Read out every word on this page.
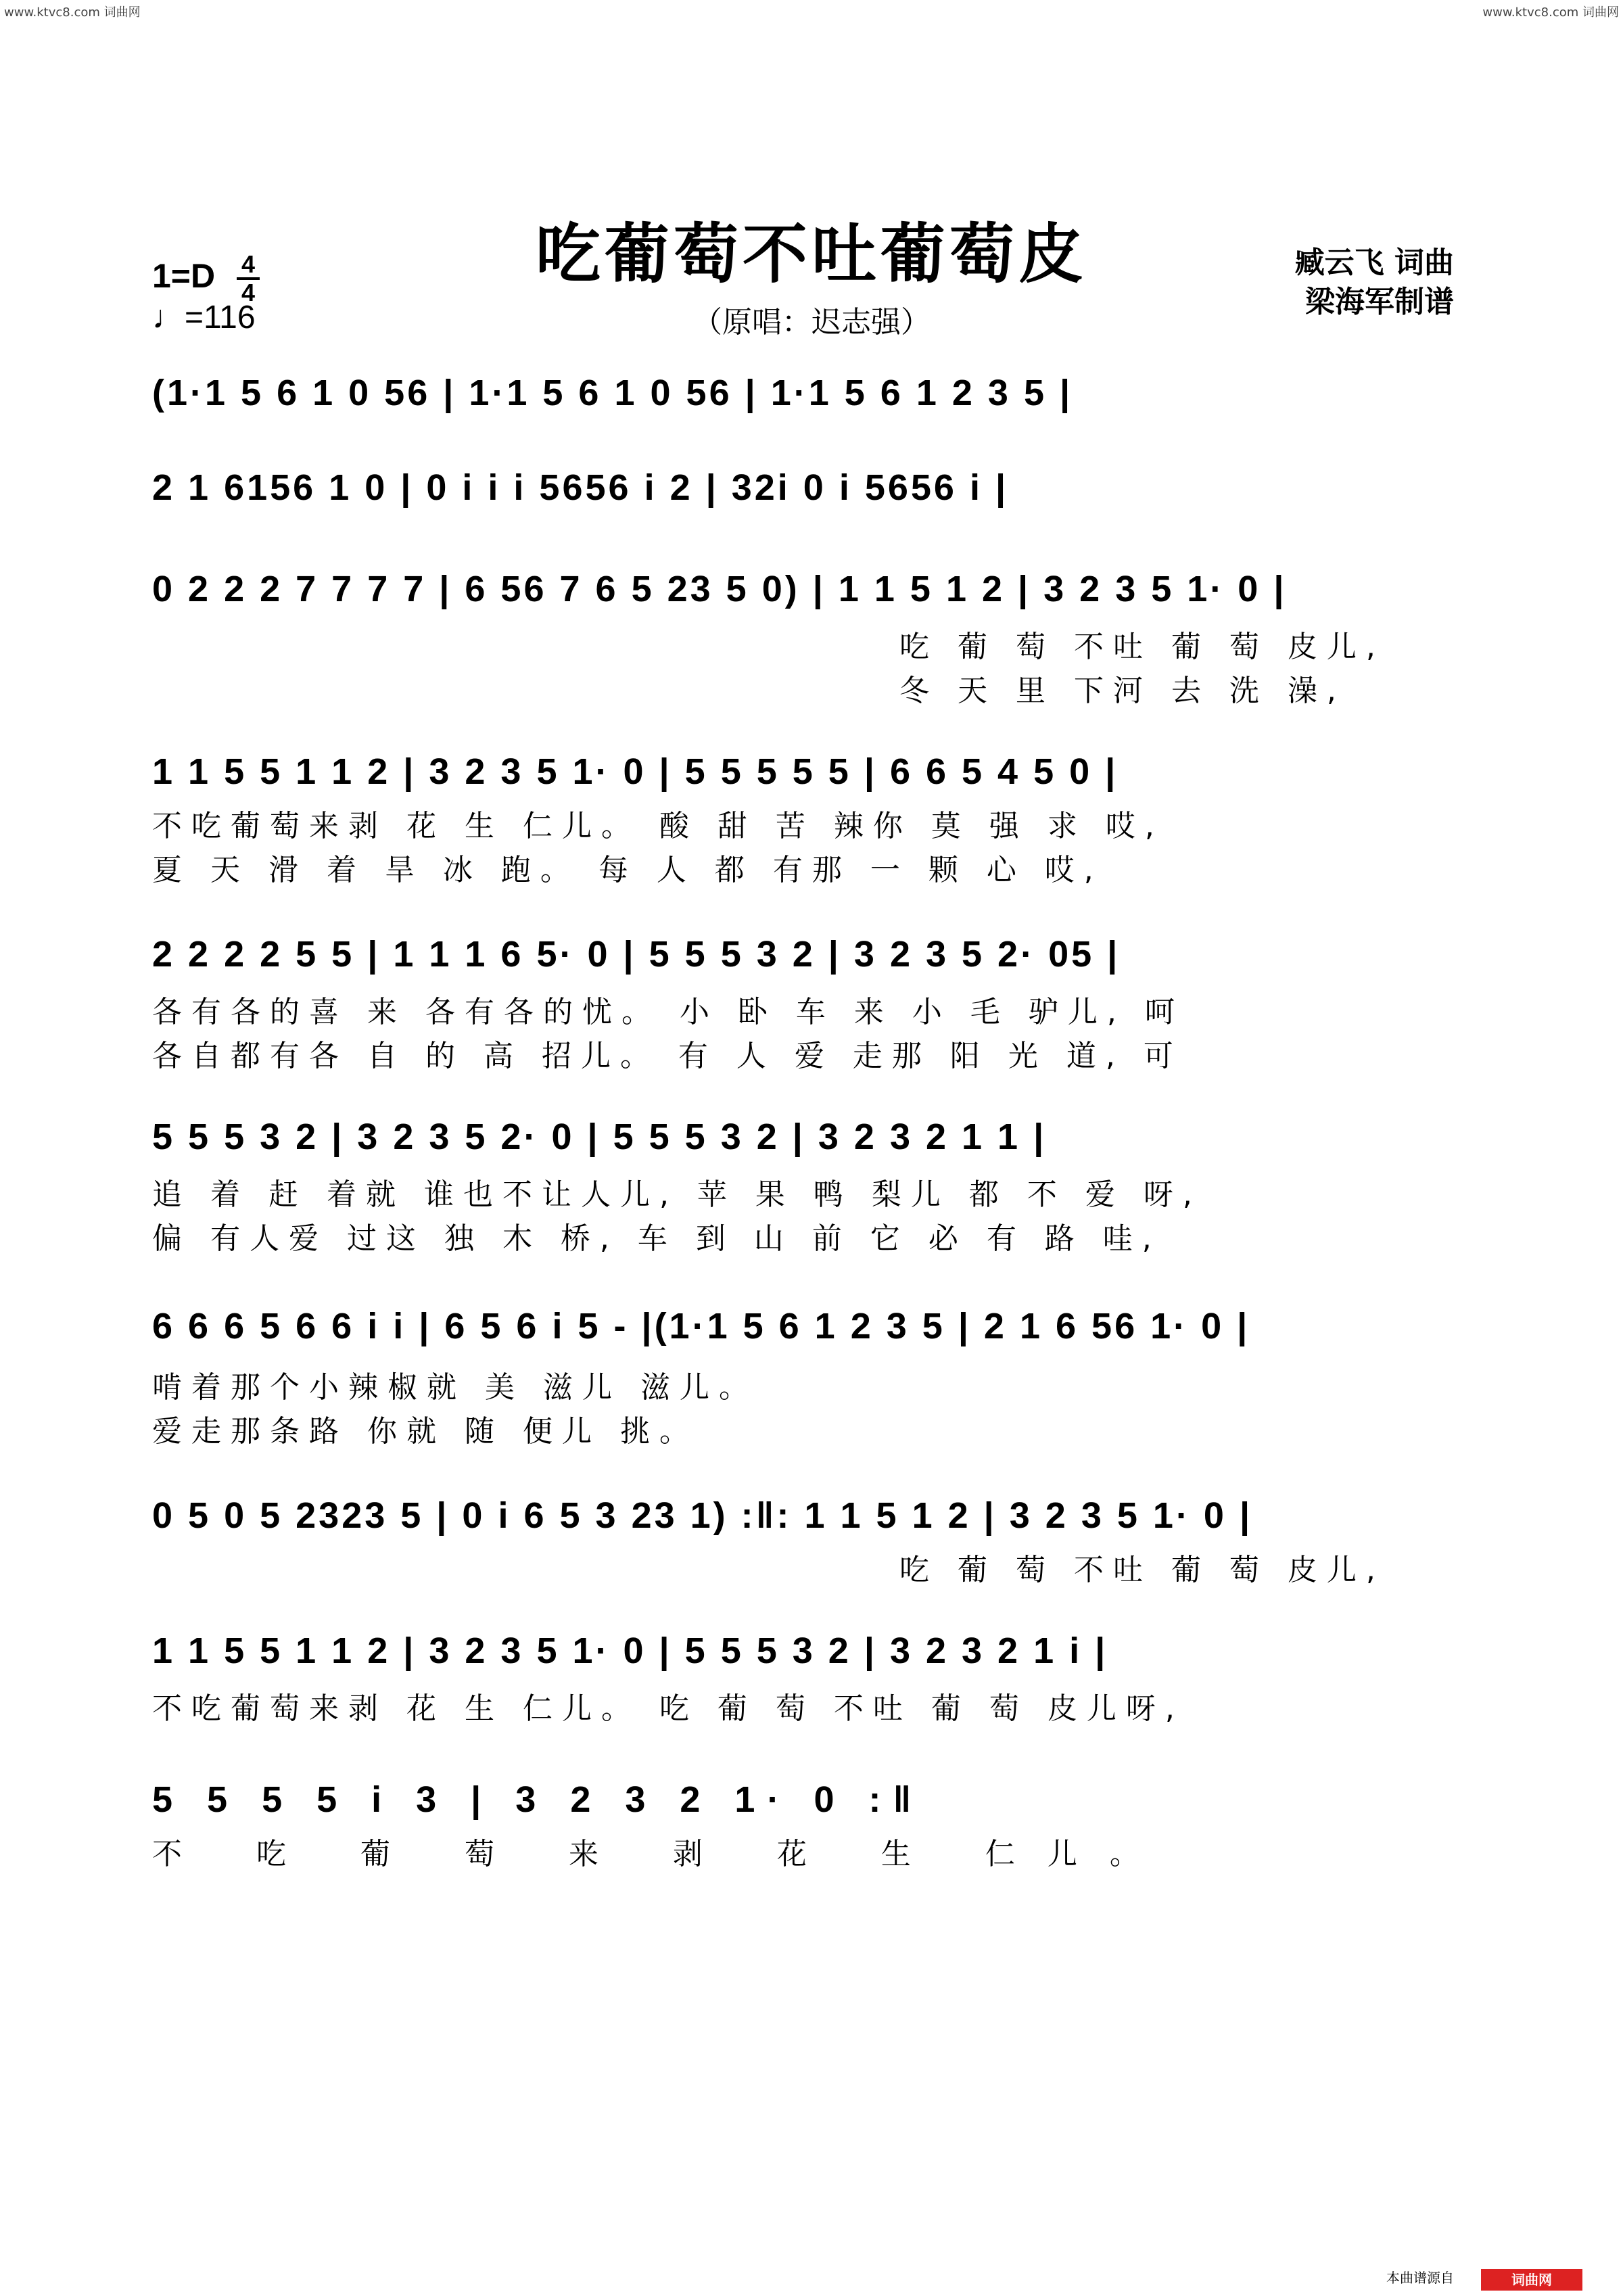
www.ktvc8.com 词曲网	www.ktvc8.com 词曲网
吃葡萄不吐葡萄皮
（原唱：迟志强）
$1=D \frac{4}{4}$
♩=116
臧云飞 词曲
梁海军制谱
(1·1 5 6 1 0 56 | 1·1 5 6 1 0 56 | 1·1 5 6 1 2 3 5 |
2 1 6156 1 0 | 0 i i i 5656 i 2 | 32i 0 i 5656 i |
0 2 2 2 7 7 7 7 | 6 56 7 6 5 23 5 0) | 1 1 5 1 2 | 3 2 3 5 1· 0 |
吃 葡 萄 不吐 葡 萄 皮儿,
冬 天 里 下河 去 洗 澡,
1 1 5 5 1 1 2 | 3 2 3 5 1· 0 | 5 5 5 5 5 | 6 6 5 4 5 0 |
不吃葡萄来剥 花 生 仁儿。 酸 甜 苦 辣你 莫 强 求 哎,
夏 天 滑 着 旱 冰 跑。 每 人 都 有那 一 颗 心 哎,
2 2 2 2 5 5 | 1 1 1 6 5· 0 | 5 5 5 3 2 | 3 2 3 5 2· 05 |
各有各的喜 来 各有各的忧。 小 卧 车 来 小 毛 驴儿, 呵
各自都有各 自 的 高 招儿。 有 人 爱 走那 阳 光 道, 可
5 5 5 3 2 | 3 2 3 5 2· 0 | 5 5 5 3 2 | 3 2 3 2 1 1 |
追 着 赶 着就 谁也不让人儿, 苹 果 鸭 梨儿 都 不 爱 呀,
偏 有人爱 过这 独 木 桥, 车 到 山 前 它 必 有 路 哇,
6 6 6 5 6 6 i i | 6 5 6 i 5 - |(1·1 5 6 1 2 3 5 | 2 1 6 56 1· 0 |
啃着那个小辣椒就 美 滋儿 滋儿。
爱走那条路 你就 随 便儿 挑。
0 5 0 5 2323 5 | 0 i 6 5 3 23 1) :‖: 1 1 5 1 2 | 3 2 3 5 1· 0 |
吃 葡 萄 不吐 葡 萄 皮儿,
1 1 5 5 1 1 2 | 3 2 3 5 1· 0 | 5 5 5 3 2 | 3 2 3 2 1 i |
不吃葡萄来剥 花 生 仁儿。 吃 葡 萄 不吐 葡 萄 皮儿呀,
5 5 5 5 i 3 | 3 2 3 2 1· 0 :‖
不 吃 葡 萄 来 剥 花 生 仁儿。
本曲谱源自	词曲网
